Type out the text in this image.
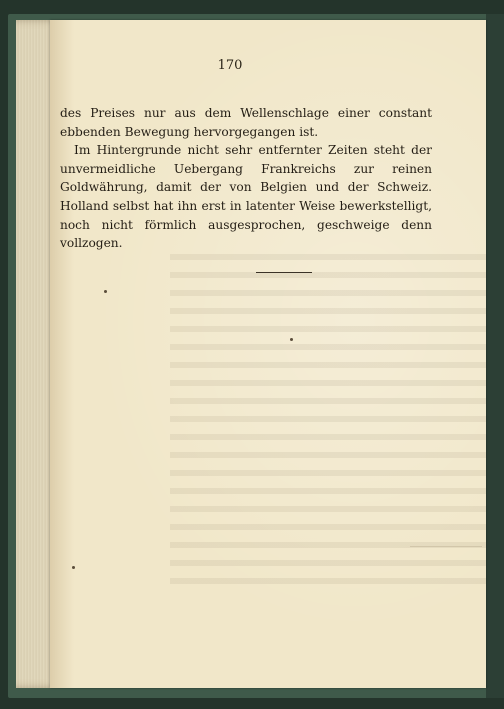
170

des Preises nur aus dem Wellenschlage einer constant ebbenden Bewegung hervorgegangen ist.

Im Hintergrunde nicht sehr entfernter Zeiten steht der unvermeidliche Uebergang Frankreichs zur reinen Goldwährung, damit der von Belgien und der Schweiz. Holland selbst hat ihn erst in latenter Weise bewerkstelligt, noch nicht förmlich ausgesprochen, geschweige denn vollzogen.
